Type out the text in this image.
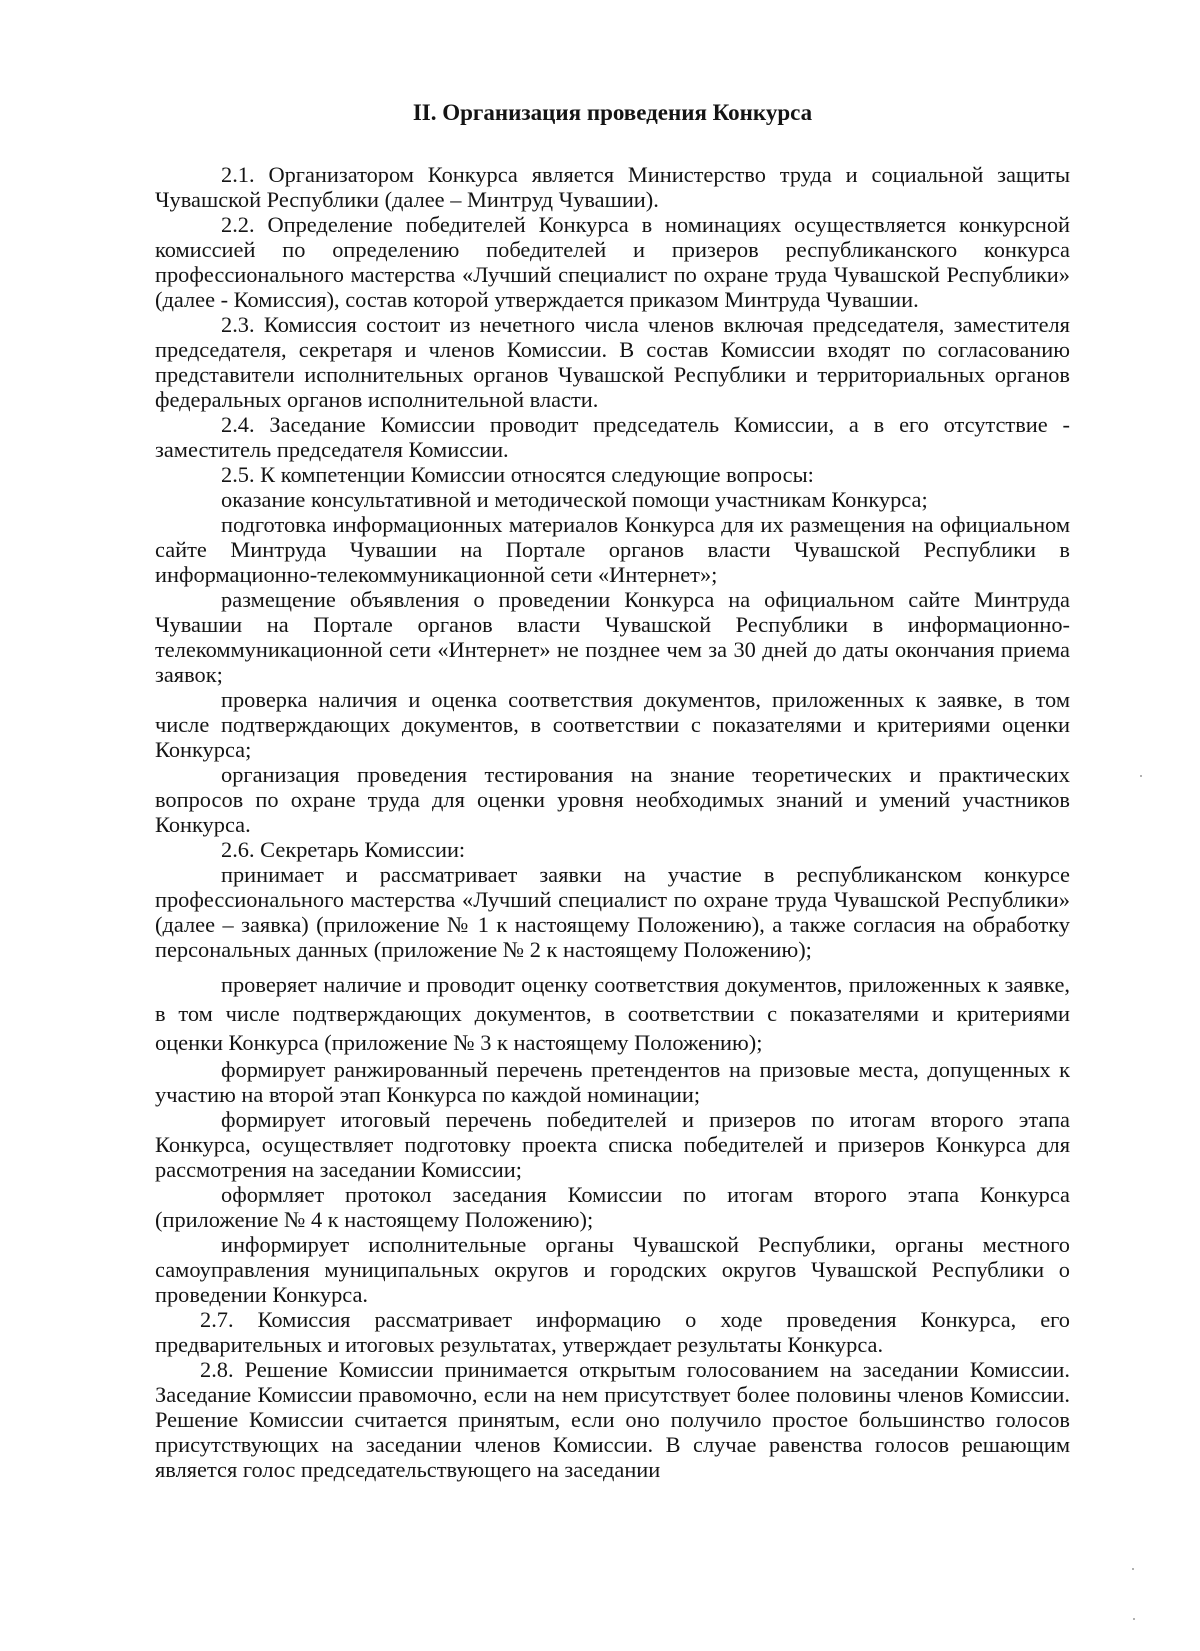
II. Организация проведения Конкурса

2.1. Организатором Конкурса является Министерство труда и социальной защиты Чувашской Республики (далее – Минтруд Чувашии).

2.2. Определение победителей Конкурса в номинациях осуществляется конкурсной комиссией по определению победителей и призеров республиканского конкурса профессионального мастерства «Лучший специалист по охране труда Чувашской Республики» (далее - Комиссия), состав которой утверждается приказом Минтруда Чувашии.

2.3. Комиссия состоит из нечетного числа членов включая председателя, заместителя председателя, секретаря и членов Комиссии. В состав Комиссии входят по согласованию представители исполнительных органов Чувашской Республики и территориальных органов федеральных органов исполнительной власти.

2.4. Заседание Комиссии проводит председатель Комиссии, а в его отсутствие - заместитель председателя Комиссии.

2.5. К компетенции Комиссии относятся следующие вопросы:

оказание консультативной и методической помощи участникам Конкурса;

подготовка информационных материалов Конкурса для их размещения на официальном сайте Минтруда Чувашии на Портале органов власти Чувашской Республики в информационно-телекоммуникационной сети «Интернет»;

размещение объявления о проведении Конкурса на официальном сайте Минтруда Чувашии на Портале органов власти Чувашской Республики в информационно-телекоммуникационной сети «Интернет» не позднее чем за 30 дней до даты окончания приема заявок;

проверка наличия и оценка соответствия документов, приложенных к заявке, в том числе подтверждающих документов, в соответствии с показателями и критериями оценки Конкурса;

организация проведения тестирования на знание теоретических и практических вопросов по охране труда для оценки уровня необходимых знаний и умений участников Конкурса.

2.6. Секретарь Комиссии:

принимает и рассматривает заявки на участие в республиканском конкурсе профессионального мастерства «Лучший специалист по охране труда Чувашской Республики» (далее – заявка) (приложение № 1 к настоящему Положению), а также согласия на обработку персональных данных (приложение № 2 к настоящему Положению);

проверяет наличие и проводит оценку соответствия документов, приложенных к заявке, в том числе подтверждающих документов, в соответствии с показателями и критериями оценки Конкурса (приложение № 3 к настоящему Положению);

формирует ранжированный перечень претендентов на призовые места, допущенных к участию на второй этап Конкурса по каждой номинации;

формирует итоговый перечень победителей и призеров по итогам второго этапа Конкурса, осуществляет подготовку проекта списка победителей и призеров Конкурса для рассмотрения на заседании Комиссии;

оформляет протокол заседания Комиссии по итогам второго этапа Конкурса (приложение № 4 к настоящему Положению);

информирует исполнительные органы Чувашской Республики, органы местного самоуправления муниципальных округов и городских округов Чувашской Республики о проведении Конкурса.

2.7. Комиссия рассматривает информацию о ходе проведения Конкурса, его предварительных и итоговых результатах, утверждает результаты Конкурса.

2.8. Решение Комиссии принимается открытым голосованием на заседании Комиссии. Заседание Комиссии правомочно, если на нем присутствует более половины членов Комиссии. Решение Комиссии считается принятым, если оно получило простое большинство голосов присутствующих на заседании членов Комиссии. В случае равенства голосов решающим является голос председательствующего на заседании
